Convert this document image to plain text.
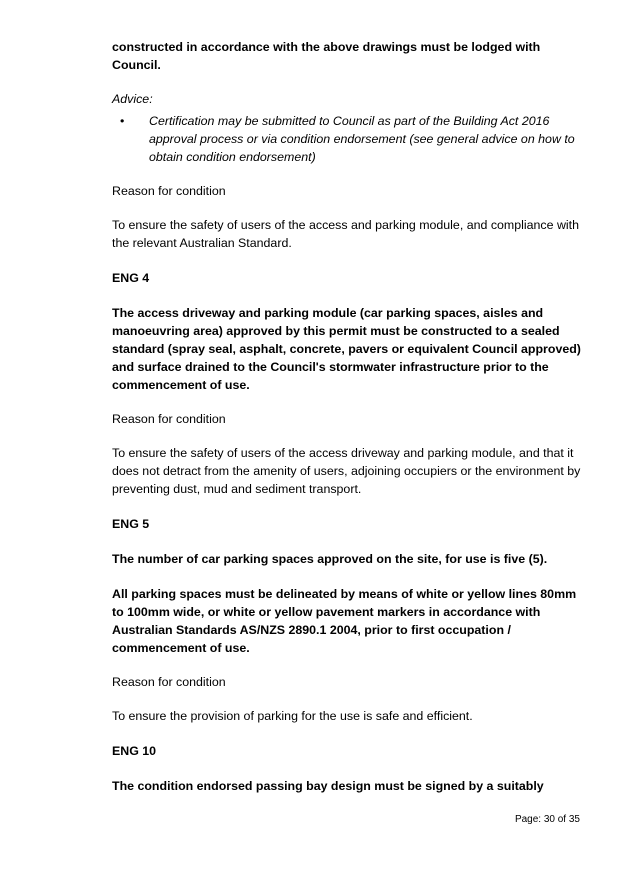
constructed in accordance with the above drawings must be lodged with Council.

Advice:

•	Certification may be submitted to Council as part of the Building Act 2016 approval process or via condition endorsement (see general advice on how to obtain condition endorsement)

Reason for condition

To ensure the safety of users of the access and parking module, and compliance with the relevant Australian Standard.

ENG 4

The access driveway and parking module (car parking spaces, aisles and manoeuvring area) approved by this permit must be constructed to a sealed standard (spray seal, asphalt, concrete, pavers or equivalent Council approved) and surface drained to the Council's stormwater infrastructure prior to the commencement of use.

Reason for condition

To ensure the safety of users of the access driveway and parking module, and that it does not detract from the amenity of users, adjoining occupiers or the environment by preventing dust, mud and sediment transport.

ENG 5

The number of car parking spaces approved on the site, for use is five (5).

All parking spaces must be delineated by means of white or yellow lines 80mm to 100mm wide, or white or yellow pavement markers in accordance with Australian Standards AS/NZS 2890.1 2004, prior to first occupation / commencement of use.

Reason for condition

To ensure the provision of parking for the use is safe and efficient.

ENG 10

The condition endorsed passing bay design must be signed by a suitably

Page: 30 of 35
